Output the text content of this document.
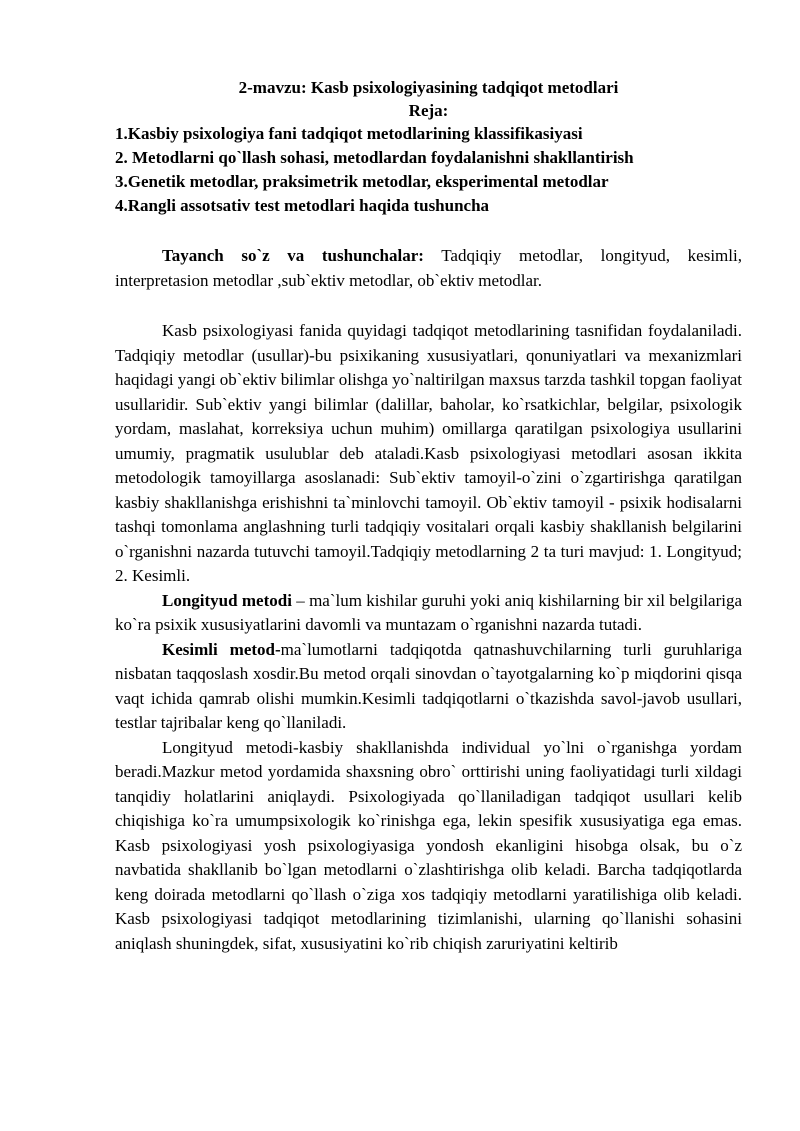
2-mavzu: Kasb psixologiyasining tadqiqot metodlari
Reja:
1.Kasbiy psixologiya fani tadqiqot metodlarining klassifikasiyasi
2. Metodlarni qo`llash sohasi, metodlardan foydalanishni shakllantirish
3.Genetik metodlar, praksimetrik metodlar, eksperimental metodlar
4.Rangli assotsativ test metodlari haqida tushuncha

Tayanch so`z va tushunchalar: Tadqiqiy metodlar, longityud, kesimli, interpretasion metodlar ,sub`ektiv metodlar, ob`ektiv metodlar.

Kasb psixologiyasi fanida quyidagi tadqiqot metodlarining tasnifidan foydalaniladi. Tadqiqiy metodlar (usullar)-bu psixikaning xususiyatlari, qonuniyatlari va mexanizmlari haqidagi yangi ob`ektiv bilimlar olishga yo`naltirilgan maxsus tarzda tashkil topgan faoliyat usullaridir. Sub`ektiv yangi bilimlar (dalillar, baholar, ko`rsatkichlar, belgilar, psixologik yordam, maslahat, korreksiya uchun muhim) omillarga qaratilgan psixologiya usullarini umumiy, pragmatik usulublar deb ataladi.Kasb psixologiyasi metodlari asosan ikkita metodologik tamoyillarga asoslanadi: Sub`ektiv tamoyil-o`zini o`zgartirishga qaratilgan kasbiy shakllanishga erishishni ta`minlovchi tamoyil. Ob`ektiv tamoyil - psixik hodisalarni tashqi tomonlama anglashning turli tadqiqiy vositalari orqali kasbiy shakllanish belgilarini o`rganishni nazarda tutuvchi tamoyil.Tadqiqiy metodlarning 2 ta turi mavjud: 1. Longityud; 2. Kesimli.

Longityud metodi – ma`lum kishilar guruhi yoki aniq kishilarning bir xil belgilariga ko`ra psixik xususiyatlarini davomli va muntazam o`rganishni nazarda tutadi.

Kesimli metod-ma`lumotlarni tadqiqotda qatnashuvchilarning turli guruhlariga nisbatan taqqoslash xosdir.Bu metod orqali sinovdan o`tayotgalarning ko`p miqdorini qisqa vaqt ichida qamrab olishi mumkin.Kesimli tadqiqotlarni o`tkazishda savol-javob usullari, testlar tajribalar keng qo`llaniladi.

Longityud metodi-kasbiy shakllanishda individual yo`lni o`rganishga yordam beradi.Mazkur metod yordamida shaxsning obro` orttirishi uning faoliyatidagi turli xildagi tanqidiy holatlarini aniqlaydi. Psixologiyada qo`llaniladigan tadqiqot usullari kelib chiqishiga ko`ra umumpsixologik ko`rinishga ega, lekin spesifik xususiyatiga ega emas. Kasb psixologiyasi yosh psixologiyasiga yondosh ekanligini hisobga olsak, bu o`z navbatida shakllanib bo`lgan metodlarni o`zlashtirishga olib keladi. Barcha tadqiqotlarda keng doirada metodlarni qo`llash o`ziga xos tadqiqiy metodlarni yaratilishiga olib keladi. Kasb psixologiyasi tadqiqot metodlarining tizimlanishi, ularning qo`llanishi sohasini aniqlash shuningdek, sifat, xususiyatini ko`rib chiqish zaruriyatini keltirib
